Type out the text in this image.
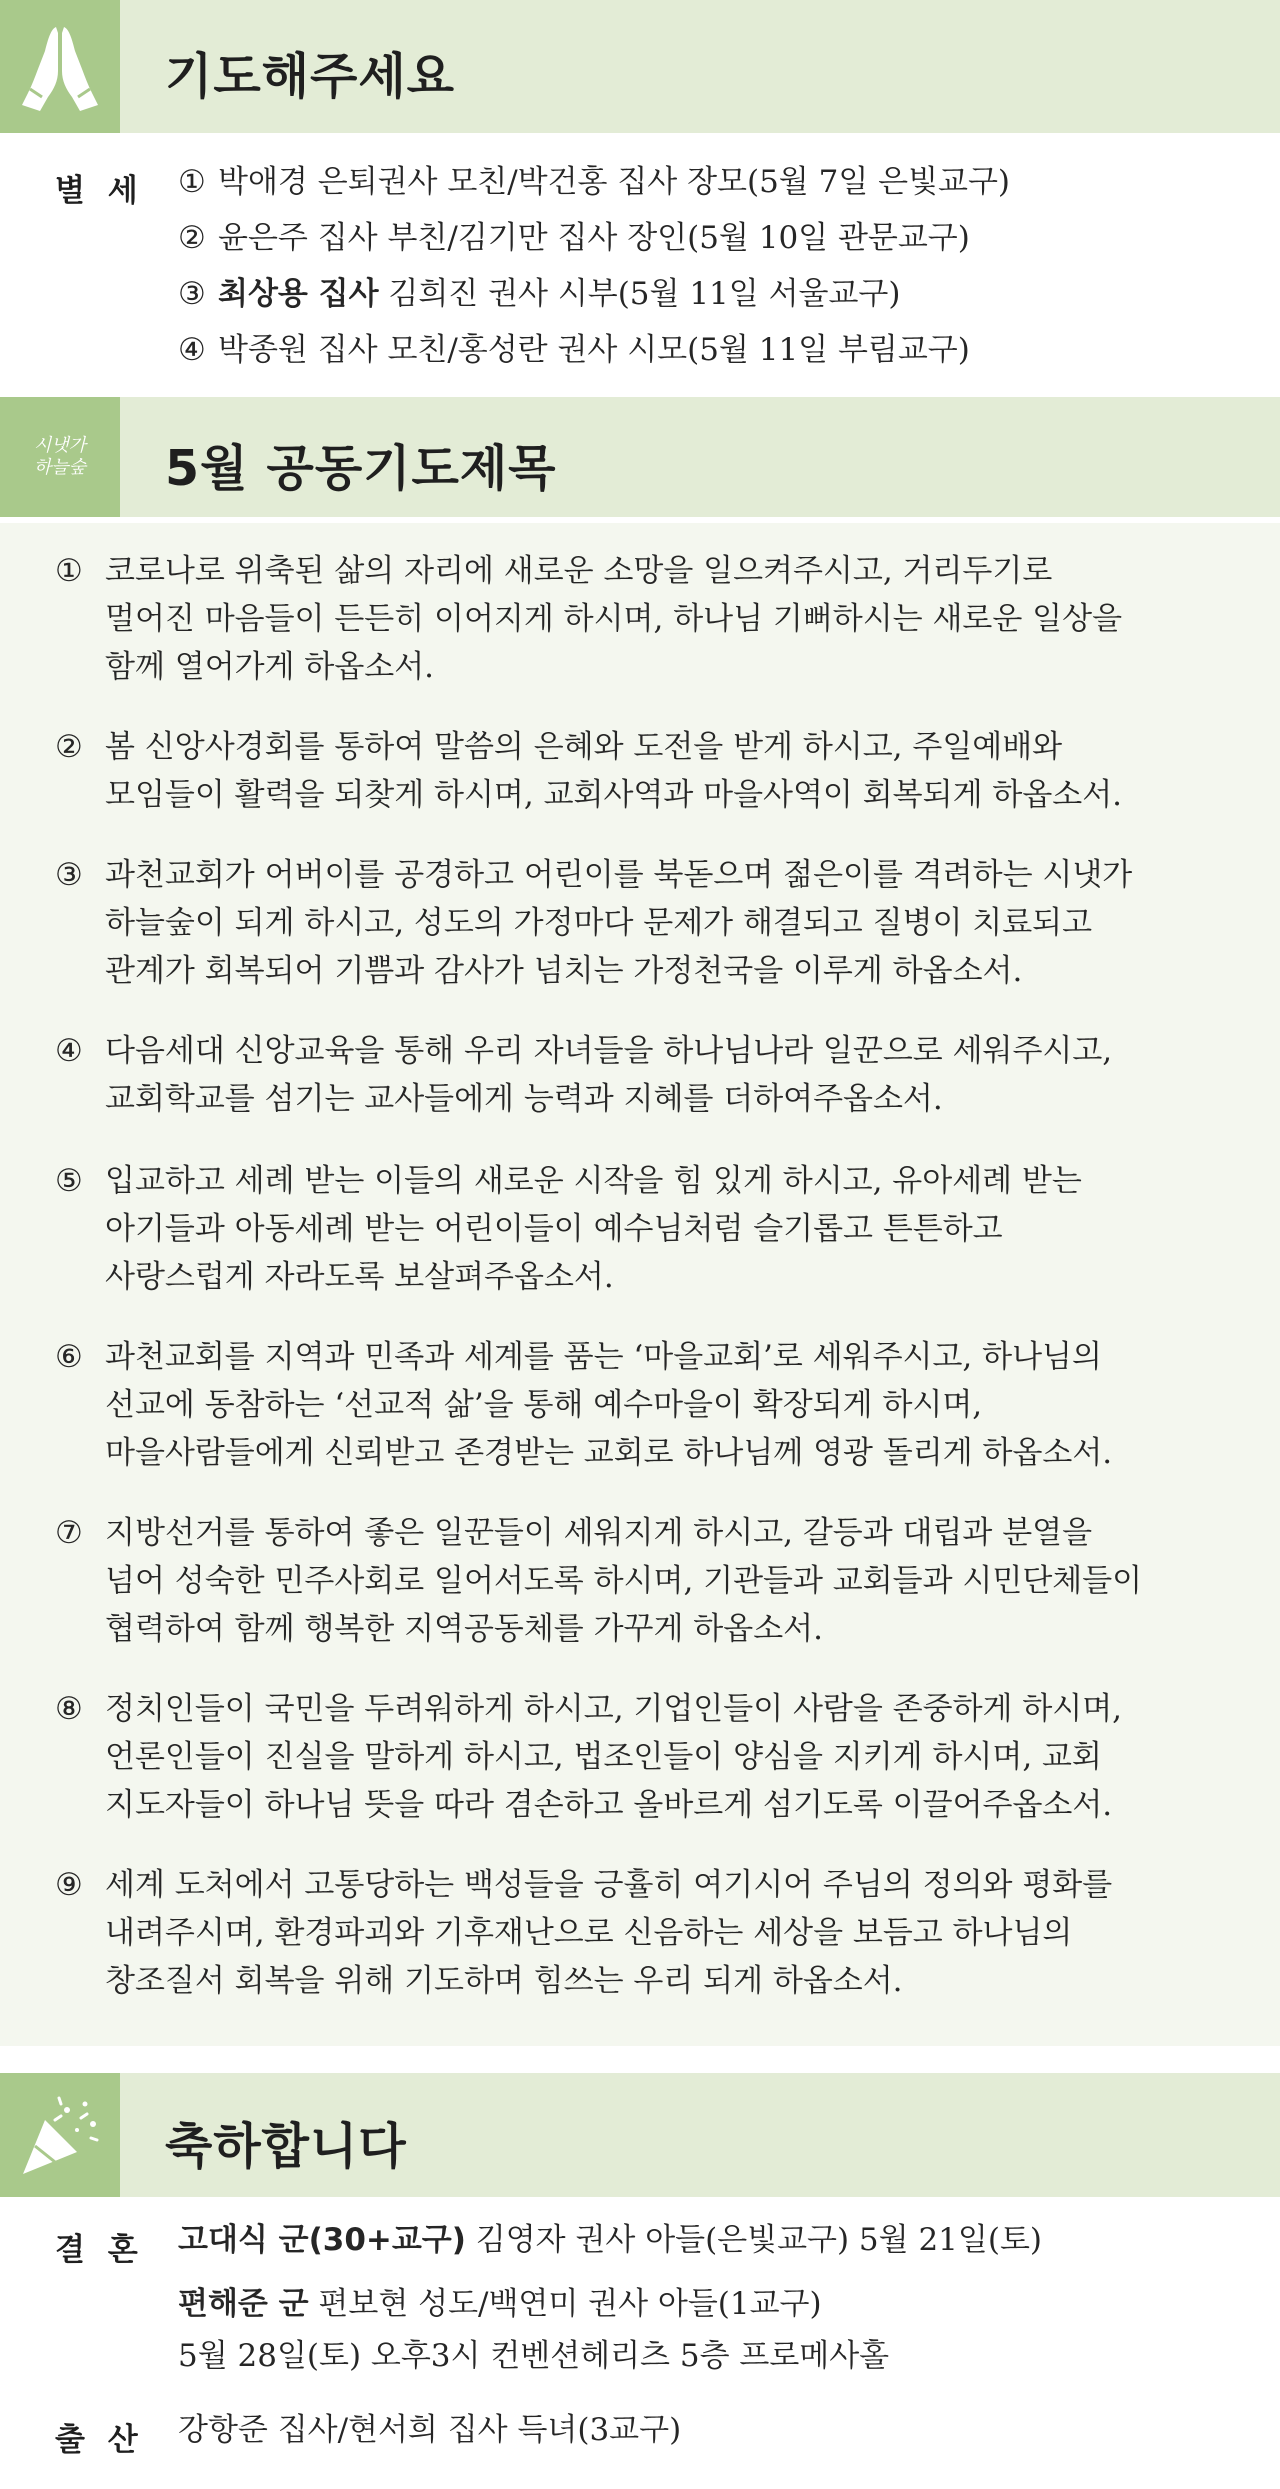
기도해주세요
별 세 ① 박애경 은퇴권사 모친/박건홍 집사 장모(5월 7일 은빛교구)
② 윤은주 집사 부친/김기만 집사 장인(5월 10일 관문교구)
③ 최상용 집사 김희진 권사 시부(5월 11일 서울교구)
④ 박종원 집사 모친/홍성란 권사 시모(5월 11일 부림교구)
시냇가 하늘숲 5월 공동기도제목
① 코로나로 위축된 삶의 자리에 새로운 소망을 일으켜주시고, 거리두기로
멀어진 마음들이 든든히 이어지게 하시며, 하나님 기뻐하시는 새로운 일상을
함께 열어가게 하옵소서.
② 봄 신앙사경회를 통하여 말씀의 은혜와 도전을 받게 하시고, 주일예배와
모임들이 활력을 되찾게 하시며, 교회사역과 마을사역이 회복되게 하옵소서.
③ 과천교회가 어버이를 공경하고 어린이를 북돋으며 젊은이를 격려하는 시냇가
하늘숲이 되게 하시고, 성도의 가정마다 문제가 해결되고 질병이 치료되고
관계가 회복되어 기쁨과 감사가 넘치는 가정천국을 이루게 하옵소서.
④ 다음세대 신앙교육을 통해 우리 자녀들을 하나님나라 일꾼으로 세워주시고,
교회학교를 섬기는 교사들에게 능력과 지혜를 더하여주옵소서.
⑤ 입교하고 세례 받는 이들의 새로운 시작을 힘 있게 하시고, 유아세례 받는
아기들과 아동세례 받는 어린이들이 예수님처럼 슬기롭고 튼튼하고
사랑스럽게 자라도록 보살펴주옵소서.
⑥ 과천교회를 지역과 민족과 세계를 품는 ‘마을교회’로 세워주시고, 하나님의
선교에 동참하는 ‘선교적 삶’을 통해 예수마을이 확장되게 하시며,
마을사람들에게 신뢰받고 존경받는 교회로 하나님께 영광 돌리게 하옵소서.
⑦ 지방선거를 통하여 좋은 일꾼들이 세워지게 하시고, 갈등과 대립과 분열을
넘어 성숙한 민주사회로 일어서도록 하시며, 기관들과 교회들과 시민단체들이
협력하여 함께 행복한 지역공동체를 가꾸게 하옵소서.
⑧ 정치인들이 국민을 두려워하게 하시고, 기업인들이 사람을 존중하게 하시며,
언론인들이 진실을 말하게 하시고, 법조인들이 양심을 지키게 하시며, 교회
지도자들이 하나님 뜻을 따라 겸손하고 올바르게 섬기도록 이끌어주옵소서.
⑨ 세계 도처에서 고통당하는 백성들을 긍휼히 여기시어 주님의 정의와 평화를
내려주시며, 환경파괴와 기후재난으로 신음하는 세상을 보듬고 하나님의
창조질서 회복을 위해 기도하며 힘쓰는 우리 되게 하옵소서.
축하합니다
결 혼 고대식 군(30+교구) 김영자 권사 아들(은빛교구) 5월 21일(토)
편해준 군 편보현 성도/백연미 권사 아들(1교구)
5월 28일(토) 오후3시 컨벤션헤리츠 5층 프로메사홀
출 산 강항준 집사/현서희 집사 득녀(3교구)
